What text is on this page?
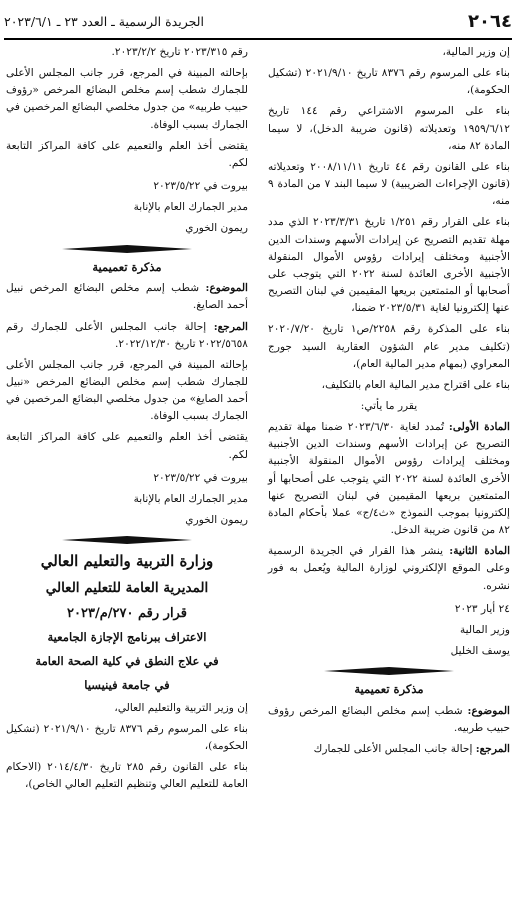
٢٠٦٤
الجريدة الرسمية ـ العدد ٢٣ ـ ٢٠٢٣/٦/١

إن وزير المالية،

بناء على المرسوم رقم ٨٣٧٦ تاريخ ٢٠٢١/٩/١٠ (تشكيل الحكومة)،

بناء على المرسوم الاشتراعي رقم ١٤٤ تاريخ ١٩٥٩/٦/١٢ وتعديلاته (قانون ضريبة الدخل)، لا سيما المادة ٨٢ منه،

بناء على القانون رقم ٤٤ تاريخ ٢٠٠٨/١١/١١ وتعديلاته (قانون الإجراءات الضريبية) لا سيما البند ٧ من المادة ٩ منه،

بناء على القرار رقم ١/٢٥١ تاريخ ٢٠٢٣/٣/٣١ الذي مدد مهلة تقديم التصريح عن إيرادات الأسهم وسندات الدين الأجنبية ومختلف إيرادات رؤوس الأموال المنقولة الأجنبية الأخرى العائدة لسنة ٢٠٢٢ التي يتوجب على أصحابها أو المتمتعين بريعها المقيمين في لبنان التصريح عنها إلكترونيا لغاية ٢٠٢٣/٥/٣١ ضمنا،

بناء على المذكرة رقم ٢٢٥٨/ص١ تاريخ ٢٠٢٠/٧/٢٠ (تكليف مدير عام الشؤون العقارية السيد جورج المعراوي (بمهام مدير المالية العام)،

بناء على اقتراح مدير المالية العام بالتكليف،

يقرر ما يأتي:

المادة الأولى: تُمدد لغاية ٢٠٢٣/٦/٣٠ ضمنا مهلة تقديم التصريح عن إيرادات الأسهم وسندات الدين الأجنبية ومختلف إيرادات رؤوس الأموال المنقولة الأجنبية الأخرى العائدة لسنة ٢٠٢٢ التي يتوجب على أصحابها أو المتمتعين بريعها المقيمين في لبنان التصريح عنها إلكترونيا بموجب النموذج «ث٤/ج» عملا بأحكام المادة ٨٢ من قانون ضريبة الدخل.

المادة الثانية: ينشر هذا القرار في الجريدة الرسمية وعلى الموقع الإلكتروني لوزارة المالية ويُعمل به فور نشره.

٢٤ أيار ٢٠٢٣

وزير المالية

يوسف الخليل

مذكرة تعميمية

الموضوع: شطب إسم مخلص البضائع المرخص رؤوف حبيب طربيه.

المرجع: إحالة جانب المجلس الأعلى للجمارك

رقم ٢٠٢٣/٣١٥ تاريخ ٢٠٢٣/٢/٢.

بإحالته المبينة في المرجع، قرر جانب المجلس الأعلى للجمارك شطب إسم مخلص البضائع المرخص «رؤوف حبيب طربيه» من جدول مخلصي البضائع المرخصين في الجمارك بسبب الوفاة.

يقتضى أخذ العلم والتعميم على كافة المراكز التابعة لكم.

بيروت في ٢٠٢٣/٥/٢٢

مدير الجمارك العام بالإنابة

ريمون الخوري

مذكرة تعميمية

الموضوع: شطب إسم مخلص البضائع المرخص نبيل أحمد الصايغ.

المرجع: إحالة جانب المجلس الأعلى للجمارك رقم ٢٠٢٢/٥٦٥٨ تاريخ ٢٠٢٢/١٢/٣٠.

بإحالته المبينة في المرجع، قرر جانب المجلس الأعلى للجمارك شطب إسم مخلص البضائع المرخص «نبيل أحمد الصايغ» من جدول مخلصي البضائع المرخصين في الجمارك بسبب الوفاة.

يقتضى أخذ العلم والتعميم على كافة المراكز التابعة لكم.

بيروت في ٢٠٢٣/٥/٢٢

مدير الجمارك العام بالإنابة

ريمون الخوري

وزارة التربية والتعليم العالي

المديرية العامة للتعليم العالي

قرار رقم ٢٧٠/م/٢٠٢٣

الاعتراف ببرنامج الإجازة الجامعية

في علاج النطق في كلية الصحة العامة

في جامعة فينيسيا

إن وزير التربية والتعليم العالي،

بناء على المرسوم رقم ٨٣٧٦ تاريخ ٢٠٢١/٩/١٠ (تشكيل الحكومة)،

بناء على القانون رقم ٢٨٥ تاريخ ٢٠١٤/٤/٣٠ (الاحكام العامة للتعليم العالي وتنظيم التعليم العالي الخاص)،
